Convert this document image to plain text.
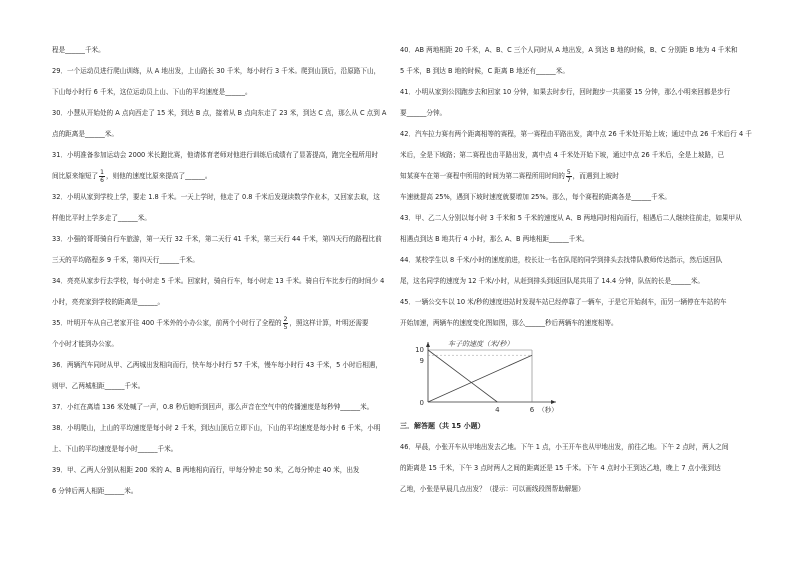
程是______千米。

29．一个运动员进行爬山训练，从 A 地出发，上山路长 30 千米，每小时行 3 千米。爬到山顶后，沿原路下山，

下山每小时行 6 千米，这位运动员上山、下山的平均速度是______。

30．小慧从开始处的 A 点向西走了 15 米，到达 B 点，接着从 B 点向东走了 23 米，到达 C 点，那么从 C 点到 A

点的距离是______米。

31．小明准备参加运动会 2000 米长跑比赛，他请体育老师对他进行训练后成绩有了显著提高，跑完全程所用时

间比原来缩短了 $\frac{1}{6}$ ，则他的速度比原来提高了______。

32．小明从家到学校上学，要走 1.8 千米。一天上学时，他走了 0.8 千米后发现读数学作业本，又回家去取，这

样他比平时上学多走了______米。

33．小强的哥哥骑自行车旅游，第一天行 32 千米，第二天行 41 千米，第三天行 44 千米，第四天行的路程比前

三天的平均路程多 9 千米，第四天行______千米。

34．亮亮从家步行去学校，每小时走 5 千米。回家时，骑自行车，每小时走 13 千米。骑自行车比步行的时间少 4

小时，亮亮家到学校的距离是______。

35．叶明开车从自己老家开往 400 千米外的小办公家，前两个小时行了全程的 $\frac{2}{5}$ ，照这样计算，叶明还需要

个小时才能到办公家。

36．两辆汽车同时从甲、乙两城出发相向而行，快车每小时行 57 千米，慢车每小时行 43 千米，5 小时后相遇，

则甲、乙两城相距______千米。

37．小红在离墙 136 米处喊了一声，0.8 秒后她听到回声，那么声音在空气中的传播速度是每秒钟______米。

38．小明爬山，上山的平均速度是每小时 2 千米，到达山顶后立即下山，下山的平均速度是每小时 6 千米，小明

上、下山的平均速度是每小时______千米。

39．甲、乙两人分别从相距 200 米的 A、B 两地相向而行，甲每分钟走 50 米，乙每分钟走 40 米，出发

6 分钟后两人相距______米。

40．AB 两地相距 20 千米，A、B、C 三个人同时从 A 地出发，A 到达 B 地的时候，B、C 分别距 B 地为 4 千米和

5 千米，B 到达 B 地的时候，C 距离 B 地还有______米。

41．小明从家到公园跑步去和回家 10 分钟，如果去时步行，回时跑步一共需要 15 分钟，那么小明来回都是步行

要______分钟。

42．汽车拉力赛有两个距离相等的赛程，第一赛程由平路出发，离中点 26 千米处开始上坡；通过中点 26 千米后行 4 千

米后，全是下坡路；第二赛程也由平路出发，离中点 4 千米处开始下坡，通过中点 26 千米后，全是上坡路，已

知某赛车在第一赛程中所用的时间为第二赛程所用时间的 $\frac{5}{7}$ ，而遇到上坡时

车速就提高 25%，遇到下坡时速度就要增加 25%。那么，每个赛程的距离各是______千米。

43．甲、乙二人分别以每小时 3 千米和 5 千米的速度从 A、B 两地同时相向而行，相遇后二人继续往前走，如果甲从

相遇点到达 B 地共行 4 小时，那么 A、B 两地相距______千米。

44．某校学生以 8 千米/小时的速度前进，校长让一名在队尾的同学到排头去找带队教师传达指示，然后返回队

尾，这名同学的速度为 12 千米/小时，从赶到排头到返回队尾共用了 14.4 分钟，队伍的长是______米。

45．一辆公交车以 10 米/秒的速度进站时发现车站已经停靠了一辆车，于是它开始刹车，而另一辆停在车站的车

开始加速，两辆车的速度变化图如图，那么______秒后两辆车的速度相等。

10
9
0
4	6 （秒）
车子的速度（米/秒）

三．解答题（共 15 小题）

46．早晨，小张开车从甲地出发去乙地。下午 1 点，小王开车也从甲地出发，前往乙地。下午 2 点时，两人之间

的距离是 15 千米，下午 3 点时两人之间的距离还是 15 千米。下午 4 点时小王到达乙地，晚上 7 点小张到达

乙地，小张是早晨几点出发？（提示：可以画线段图帮助解题）
